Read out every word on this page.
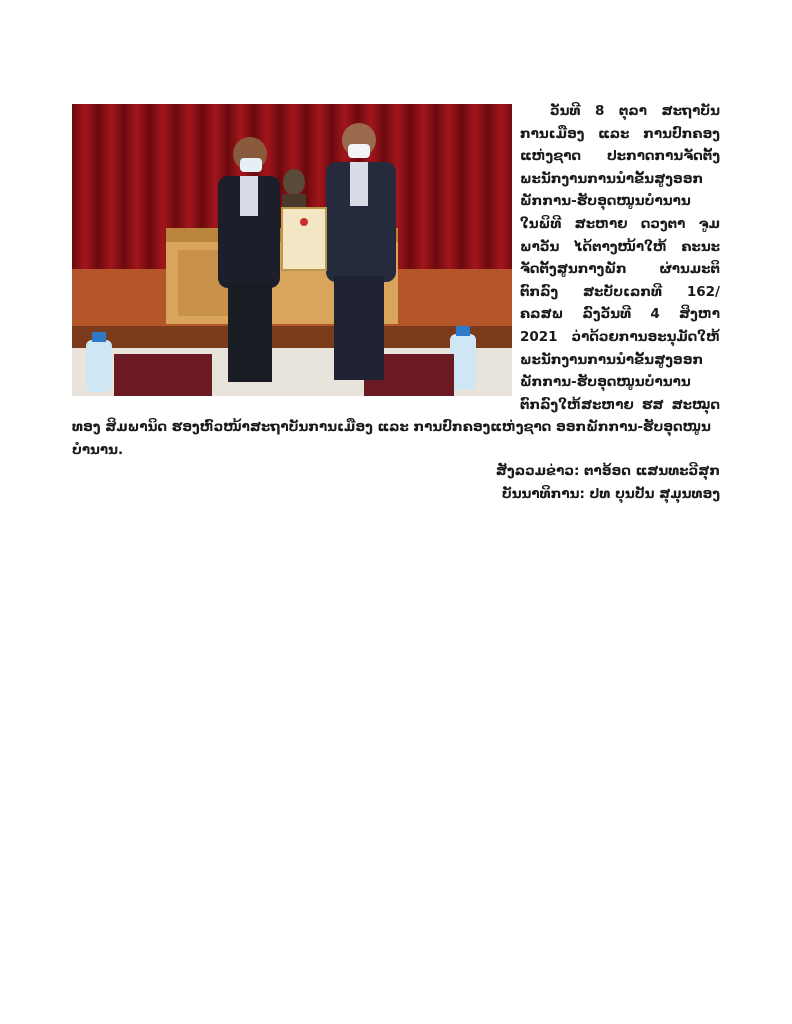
ວັນທີ 8 ຕຸລາ ສະຖາບັນ
ການເມືອງ ແລະ ການປົກຄອງ
ແຫ່ງຊາດ ປະກາດການຈັດຕັ້ງ
ພະນັກງານການນຳຂັ້ນສູງອອກ
ພັກການ-ຮັບອຸດໜູນບຳນານ
ໃນພິທີ ສະຫາຍ ດວງຕາ ຈູມ
ພາວັນ ໄດ້ຕາງໜ້າໃຫ້ ຄະນະ
ຈັດຕັ້ງສູນກາງພັກ ຜ່ານມະຕິ
ຕົກລົງ ສະບັບເລກທີ 162/
ຄລສພ ລົງວັນທີ 4 ສິງຫາ
2021 ວ່າດ້ວຍການອະນຸມັດໃຫ້
ພະນັກງານການນຳຂັ້ນສູງອອກ
ພັກການ-ຮັບອຸດໜູນບຳນານ
ຕົກລົງໃຫ້ສະຫາຍ ຮສ ສະໝຸດ
ທອງ ສິມພານິດ ຮອງຫົວໜ້າສະຖາບັນການເມືອງ ແລະ ການປົກຄອງແຫ່ງຊາດ ອອກພັກການ-ຮັບອຸດໜູນບຳນານ.
ສັງລວມຂ່າວ: ຕາອ້ອດ ແສນທະວີສຸກ
ບັນນາທິການ: ປທ ບຸນປັນ ສຸມຸນທອງ
